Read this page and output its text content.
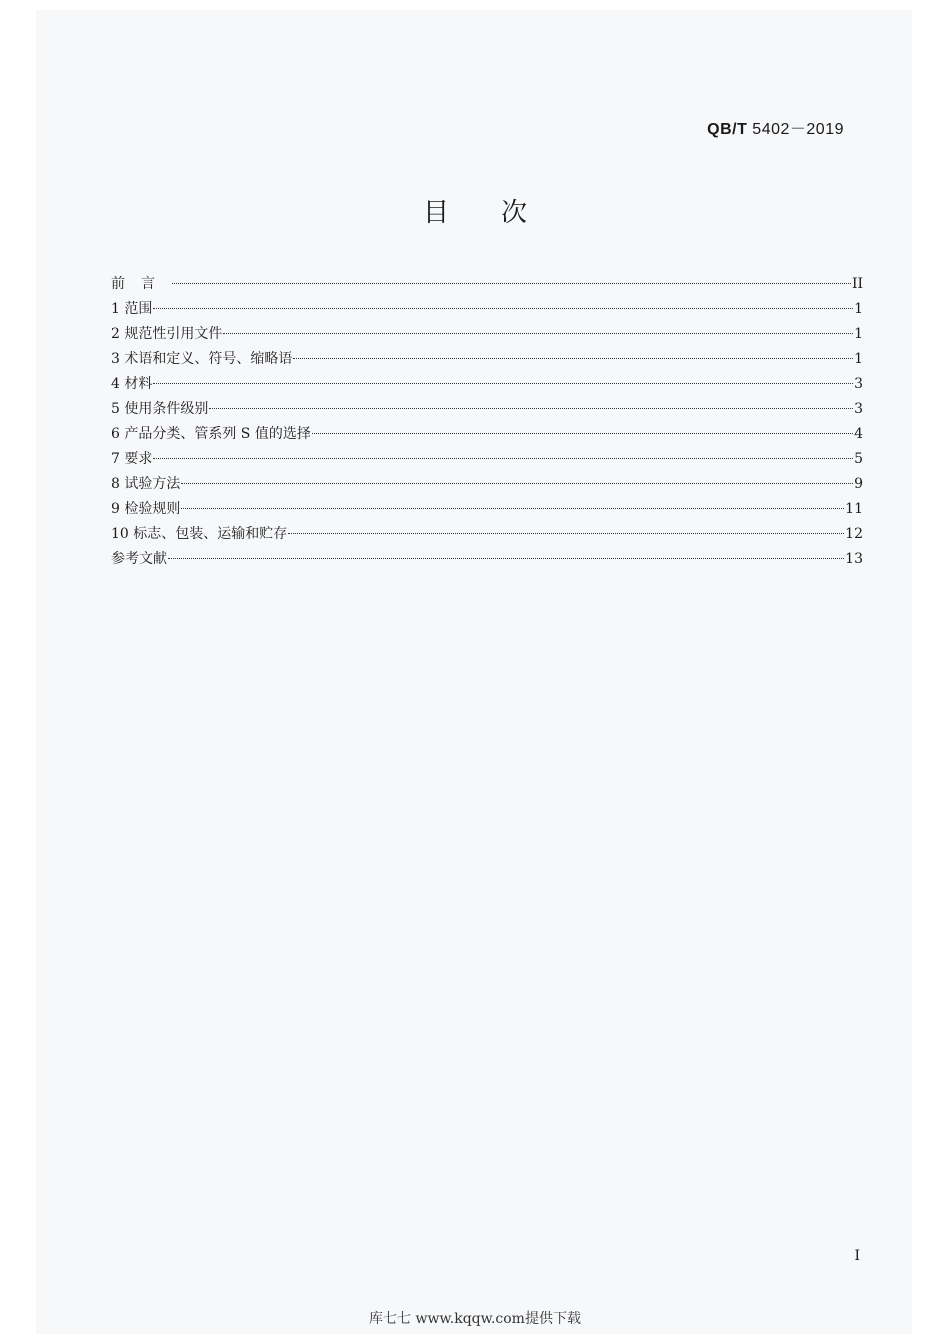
QB/T 5402－2019
目次
前言	II
1 范围	1
2 规范性引用文件	1
3 术语和定义、符号、缩略语	1
4 材料	3
5 使用条件级别	3
6 产品分类、管系列 S 值的选择	4
7 要求	5
8 试验方法	9
9 检验规则	11
10 标志、包装、运输和贮存	12
参考文献	13
I
库七七 www.kqqw.com提供下载
